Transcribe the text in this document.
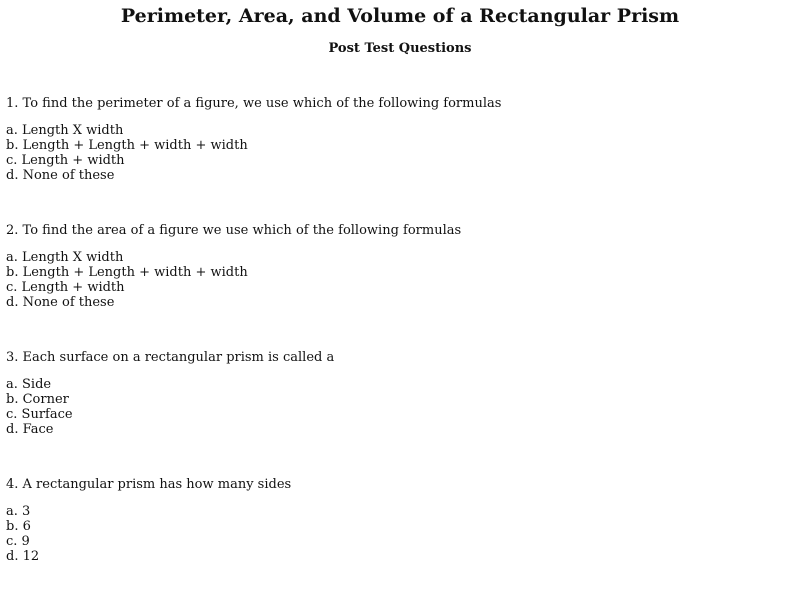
Perimeter, Area, and Volume of a Rectangular Prism
Post Test Questions
1. To find the perimeter of a figure, we use which of the following formulas
a. Length X width
b. Length + Length + width + width
c. Length + width
d. None of these
2. To find the area of a figure we use which of the following formulas
a. Length X width
b. Length + Length + width + width
c. Length + width
d. None of these
3. Each surface on a rectangular prism is called a
a. Side
b. Corner
c. Surface
d. Face
4. A rectangular prism has how many sides
a. 3
b. 6
c. 9
d. 12
